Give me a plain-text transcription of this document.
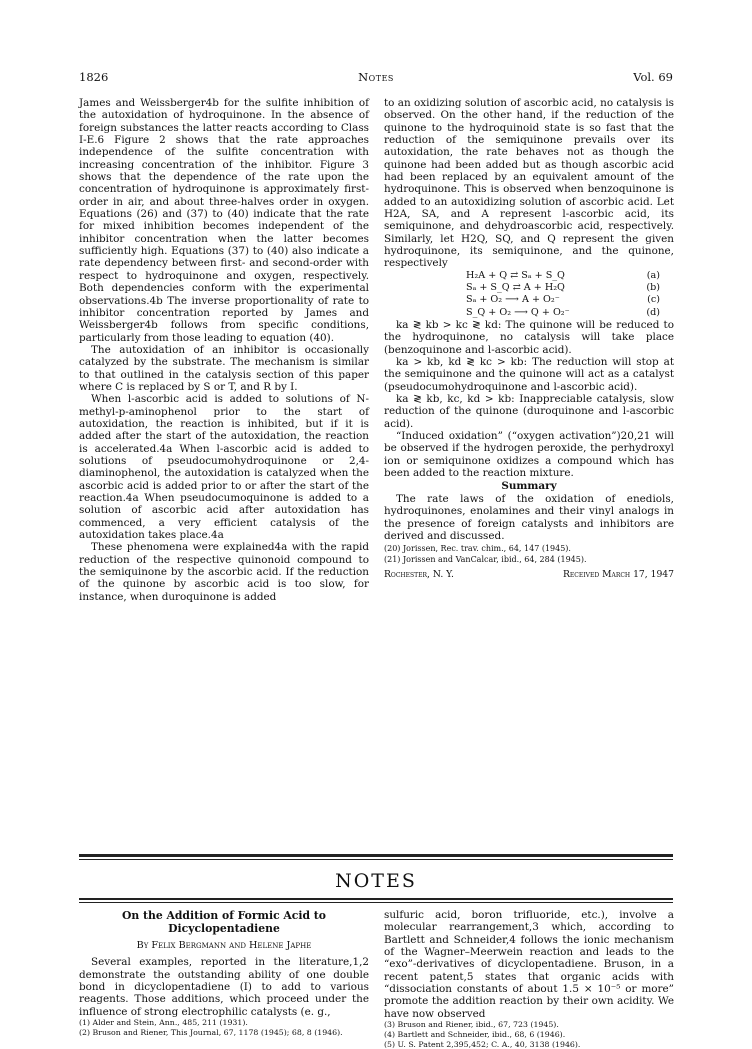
1826	Notes	Vol. 69

James and Weissberger4b for the sulfite inhibition of the autoxidation of hydroquinone. In the absence of foreign substances the latter reacts according to Class I-E.6 Figure 2 shows that the rate approaches independence of the sulfite concentration with increasing concentration of the inhibitor. Figure 3 shows that the dependence of the rate upon the concentration of hydroquinone is approximately first-order in air, and about three-halves order in oxygen. Equations (26) and (37) to (40) indicate that the rate for mixed inhibition becomes independent of the inhibitor concentration when the latter becomes sufficiently high. Equations (37) to (40) also indicate a rate dependency between first- and second-order with respect to hydroquinone and oxygen, respectively. Both dependencies conform with the experimental observations.4b The inverse proportionality of rate to inhibitor concentration reported by James and Weissberger4b follows from specific conditions, particularly from those leading to equation (40).

The autoxidation of an inhibitor is occasionally catalyzed by the substrate. The mechanism is similar to that outlined in the catalysis section of this paper where C is replaced by S or T, and R by I.

When l-ascorbic acid is added to solutions of N-methyl-p-aminophenol prior to the start of autoxidation, the reaction is inhibited, but if it is added after the start of the autoxidation, the reaction is accelerated.4a When l-ascorbic acid is added to solutions of pseudocumohydroquinone or 2,4-diaminophenol, the autoxidation is catalyzed when the ascorbic acid is added prior to or after the start of the reaction.4a When pseudocumoquinone is added to a solution of ascorbic acid after autoxidation has commenced, a very efficient catalysis of the autoxidation takes place.4a

These phenomena were explained4a with the rapid reduction of the respective quinonoid compound to the semiquinone by the ascorbic acid. If the reduction of the quinone by ascorbic acid is too slow, for instance, when duroquinone is added

to an oxidizing solution of ascorbic acid, no catalysis is observed. On the other hand, if the reduction of the quinone to the hydroquinoid state is so fast that the reduction of the semiquinone prevails over its autoxidation, the rate behaves not as though the quinone had been added but as though ascorbic acid had been replaced by an equivalent amount of the hydroquinone. This is observed when benzoquinone is added to an autoxidizing solution of ascorbic acid. Let H2A, SA, and A represent l-ascorbic acid, its semiquinone, and dehydroascorbic acid, respectively. Similarly, let H2Q, SQ, and Q represent the given hydroquinone, its semiquinone, and the quinone, respectively

H₂A + Q ⇄ Sₐ + S_Q	(a)
Sₐ + S_Q ⇄ A + H₂Q	(b)
Sₐ + O₂ ⟶ A + O₂⁻	(c)
S_Q + O₂ ⟶ Q + O₂⁻	(d)

ka ≷ kb > kc ≷ kd: The quinone will be reduced to the hydroquinone, no catalysis will take place (benzoquinone and l-ascorbic acid).

ka > kb, kd ≷ kc > kb: The reduction will stop at the semiquinone and the quinone will act as a catalyst (pseudocumohydroquinone and l-ascorbic acid).

ka ≷ kb, kc, kd > kb: Inappreciable catalysis, slow reduction of the quinone (duroquinone and l-ascorbic acid).

“Induced oxidation” (“oxygen activation”)20,21 will be observed if the hydrogen peroxide, the perhydroxyl ion or semiquinone oxidizes a compound which has been added to the reaction mixture.

Summary

The rate laws of the oxidation of enediols, hydroquinones, enolamines and their vinyl analogs in the presence of foreign catalysts and inhibitors are derived and discussed.

(20) Jorissen, Rec. trav. chim., 64, 147 (1945).
(21) Jorissen and VanCalcar, ibid., 64, 284 (1945).
Rochester, N. Y.	Received March 17, 1947
NOTES
On the Addition of Formic Acid to Dicyclopentadiene
By Felix Bergmann and Helene Japhe

Several examples, reported in the literature,1,2 demonstrate the outstanding ability of one double bond in dicyclopentadiene (I) to add to various reagents. Those additions, which proceed under the influence of strong electrophilic catalysts (e. g.,

(1) Alder and Stein, Ann., 485, 211 (1931).
(2) Bruson and Riener, This Journal, 67, 1178 (1945); 68, 8 (1946).

sulfuric acid, boron trifluoride, etc.), involve a molecular rearrangement,3 which, according to Bartlett and Schneider,4 follows the ionic mechanism of the Wagner–Meerwein reaction and leads to the “exo”-derivatives of dicyclopentadiene. Bruson, in a recent patent,5 states that organic acids with “dissociation constants of about 1.5 × 10⁻⁵ or more” promote the addition reaction by their own acidity. We have now observed

(3) Bruson and Riener, ibid., 67, 723 (1945).
(4) Bartlett and Schneider, ibid., 68, 6 (1946).
(5) U. S. Patent 2,395,452; C. A., 40, 3138 (1946).
